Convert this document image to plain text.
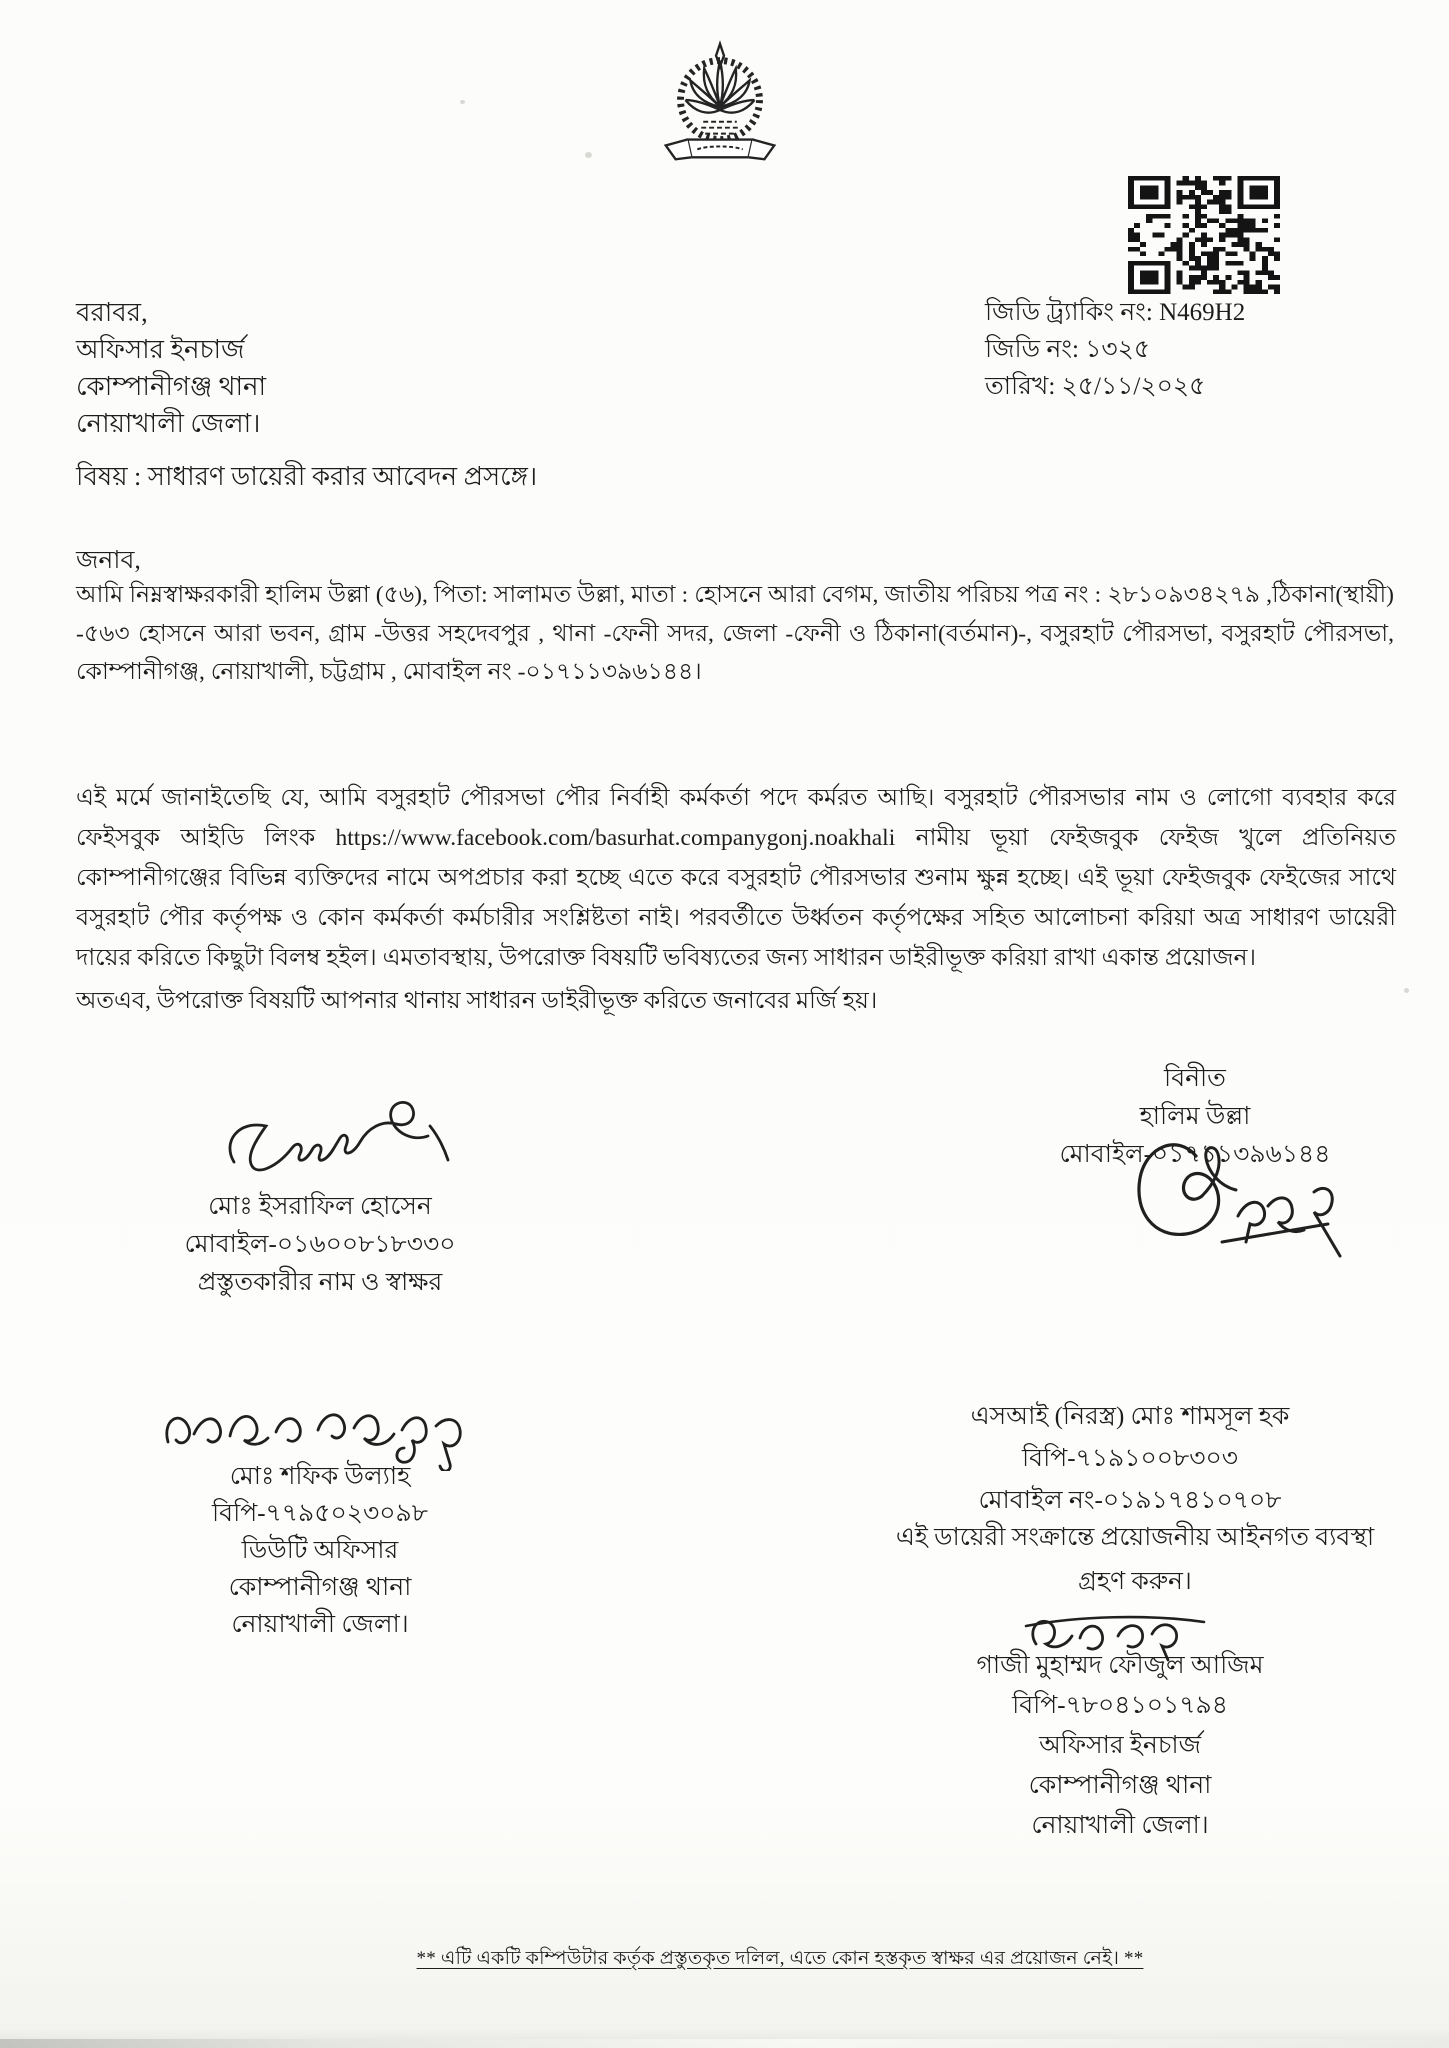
জিডি ট্র্যাকিং নং: N469H2
জিডি নং: ১৩২৫
তারিখ: ২৫/১১/২০২৫
বরাবর,
অফিসার ইনচার্জ
কোম্পানীগঞ্জ থানা
নোয়াখালী জেলা।
বিষয় : সাধারণ ডায়েরী করার আবেদন প্রসঙ্গে।
জনাব,
আমি নিম্নস্বাক্ষরকারী হালিম উল্লা (৫৬), পিতা: সালামত উল্লা, মাতা : হোসনে আরা বেগম, জাতীয় পরিচয় পত্র নং : ২৮১০৯৩৪২৭৯ ,ঠিকানা(স্থায়ী) -৫৬৩ হোসনে আরা ভবন, গ্রাম -উত্তর সহদেবপুর , থানা -ফেনী সদর, জেলা -ফেনী ও ঠিকানা(বর্তমান)-, বসুরহাট পৌরসভা, বসুরহাট পৌরসভা, কোম্পানীগঞ্জ, নোয়াখালী, চট্টগ্রাম , মোবাইল নং -০১৭১১৩৯৬১৪৪।
এই মর্মে জানাইতেছি যে, আমি বসুরহাট পৌরসভা পৌর নির্বাহী কর্মকর্তা পদে কর্মরত আছি। বসুরহাট পৌরসভার নাম ও লোগো ব্যবহার করে ফেইসবুক আইডি লিংক https://www.facebook.com/basurhat.companygonj.noakhali নামীয় ভূয়া ফেইজবুক ফেইজ খুলে প্রতিনিয়ত কোম্পানীগঞ্জের বিভিন্ন ব্যক্তিদের নামে অপপ্রচার করা হচ্ছে এতে করে বসুরহাট পৌরসভার শুনাম ক্ষুন্ন হচ্ছে। এই ভূয়া ফেইজবুক ফেইজের সাথে বসুরহাট পৌর কর্তৃপক্ষ ও কোন কর্মকর্তা কর্মচারীর সংশ্লিষ্টতা নাই। পরবর্তীতে উর্ধ্বতন কর্তৃপক্ষের সহিত আলোচনা করিয়া অত্র সাধারণ ডায়েরী দায়ের করিতে কিছুটা বিলম্ব হইল। এমতাবস্থায়, উপরোক্ত বিষয়টি ভবিষ্যতের জন্য সাধারন ডাইরীভূক্ত করিয়া রাখা একান্ত প্রয়োজন।
অতএব, উপরোক্ত বিষয়টি আপনার থানায় সাধারন ডাইরীভূক্ত করিতে জনাবের মর্জি হয়।
বিনীত
হালিম উল্লা
মোবাইল-০১৭১১৩৯৬১৪৪
মোঃ ইসরাফিল হোসেন
মোবাইল-০১৬০০৮১৮৩৩০
প্রস্তুতকারীর নাম ও স্বাক্ষর
মোঃ শফিক উল্যাহ
বিপি-৭৭৯৫০২৩০৯৮
ডিউটি অফিসার
কোম্পানীগঞ্জ থানা
নোয়াখালী জেলা।
এসআই (নিরস্ত্র) মোঃ শামসূল হক বিপি-৭১৯১০০৮৩০৩
মোবাইল নং-০১৯১৭৪১০৭০৮
এই ডায়েরী সংক্রান্তে প্রয়োজনীয় আইনগত ব্যবস্থা গ্রহণ করুন।
গাজী মুহাম্মদ ফৌজুল আজিম
বিপি-৭৮০৪১০১৭৯৪
অফিসার ইনচার্জ
কোম্পানীগঞ্জ থানা
নোয়াখালী জেলা।
** এটি একটি কম্পিউটার কর্তৃক প্রস্তুতকৃত দলিল, এতে কোন হস্তকৃত স্বাক্ষর এর প্রয়োজন নেই। **
